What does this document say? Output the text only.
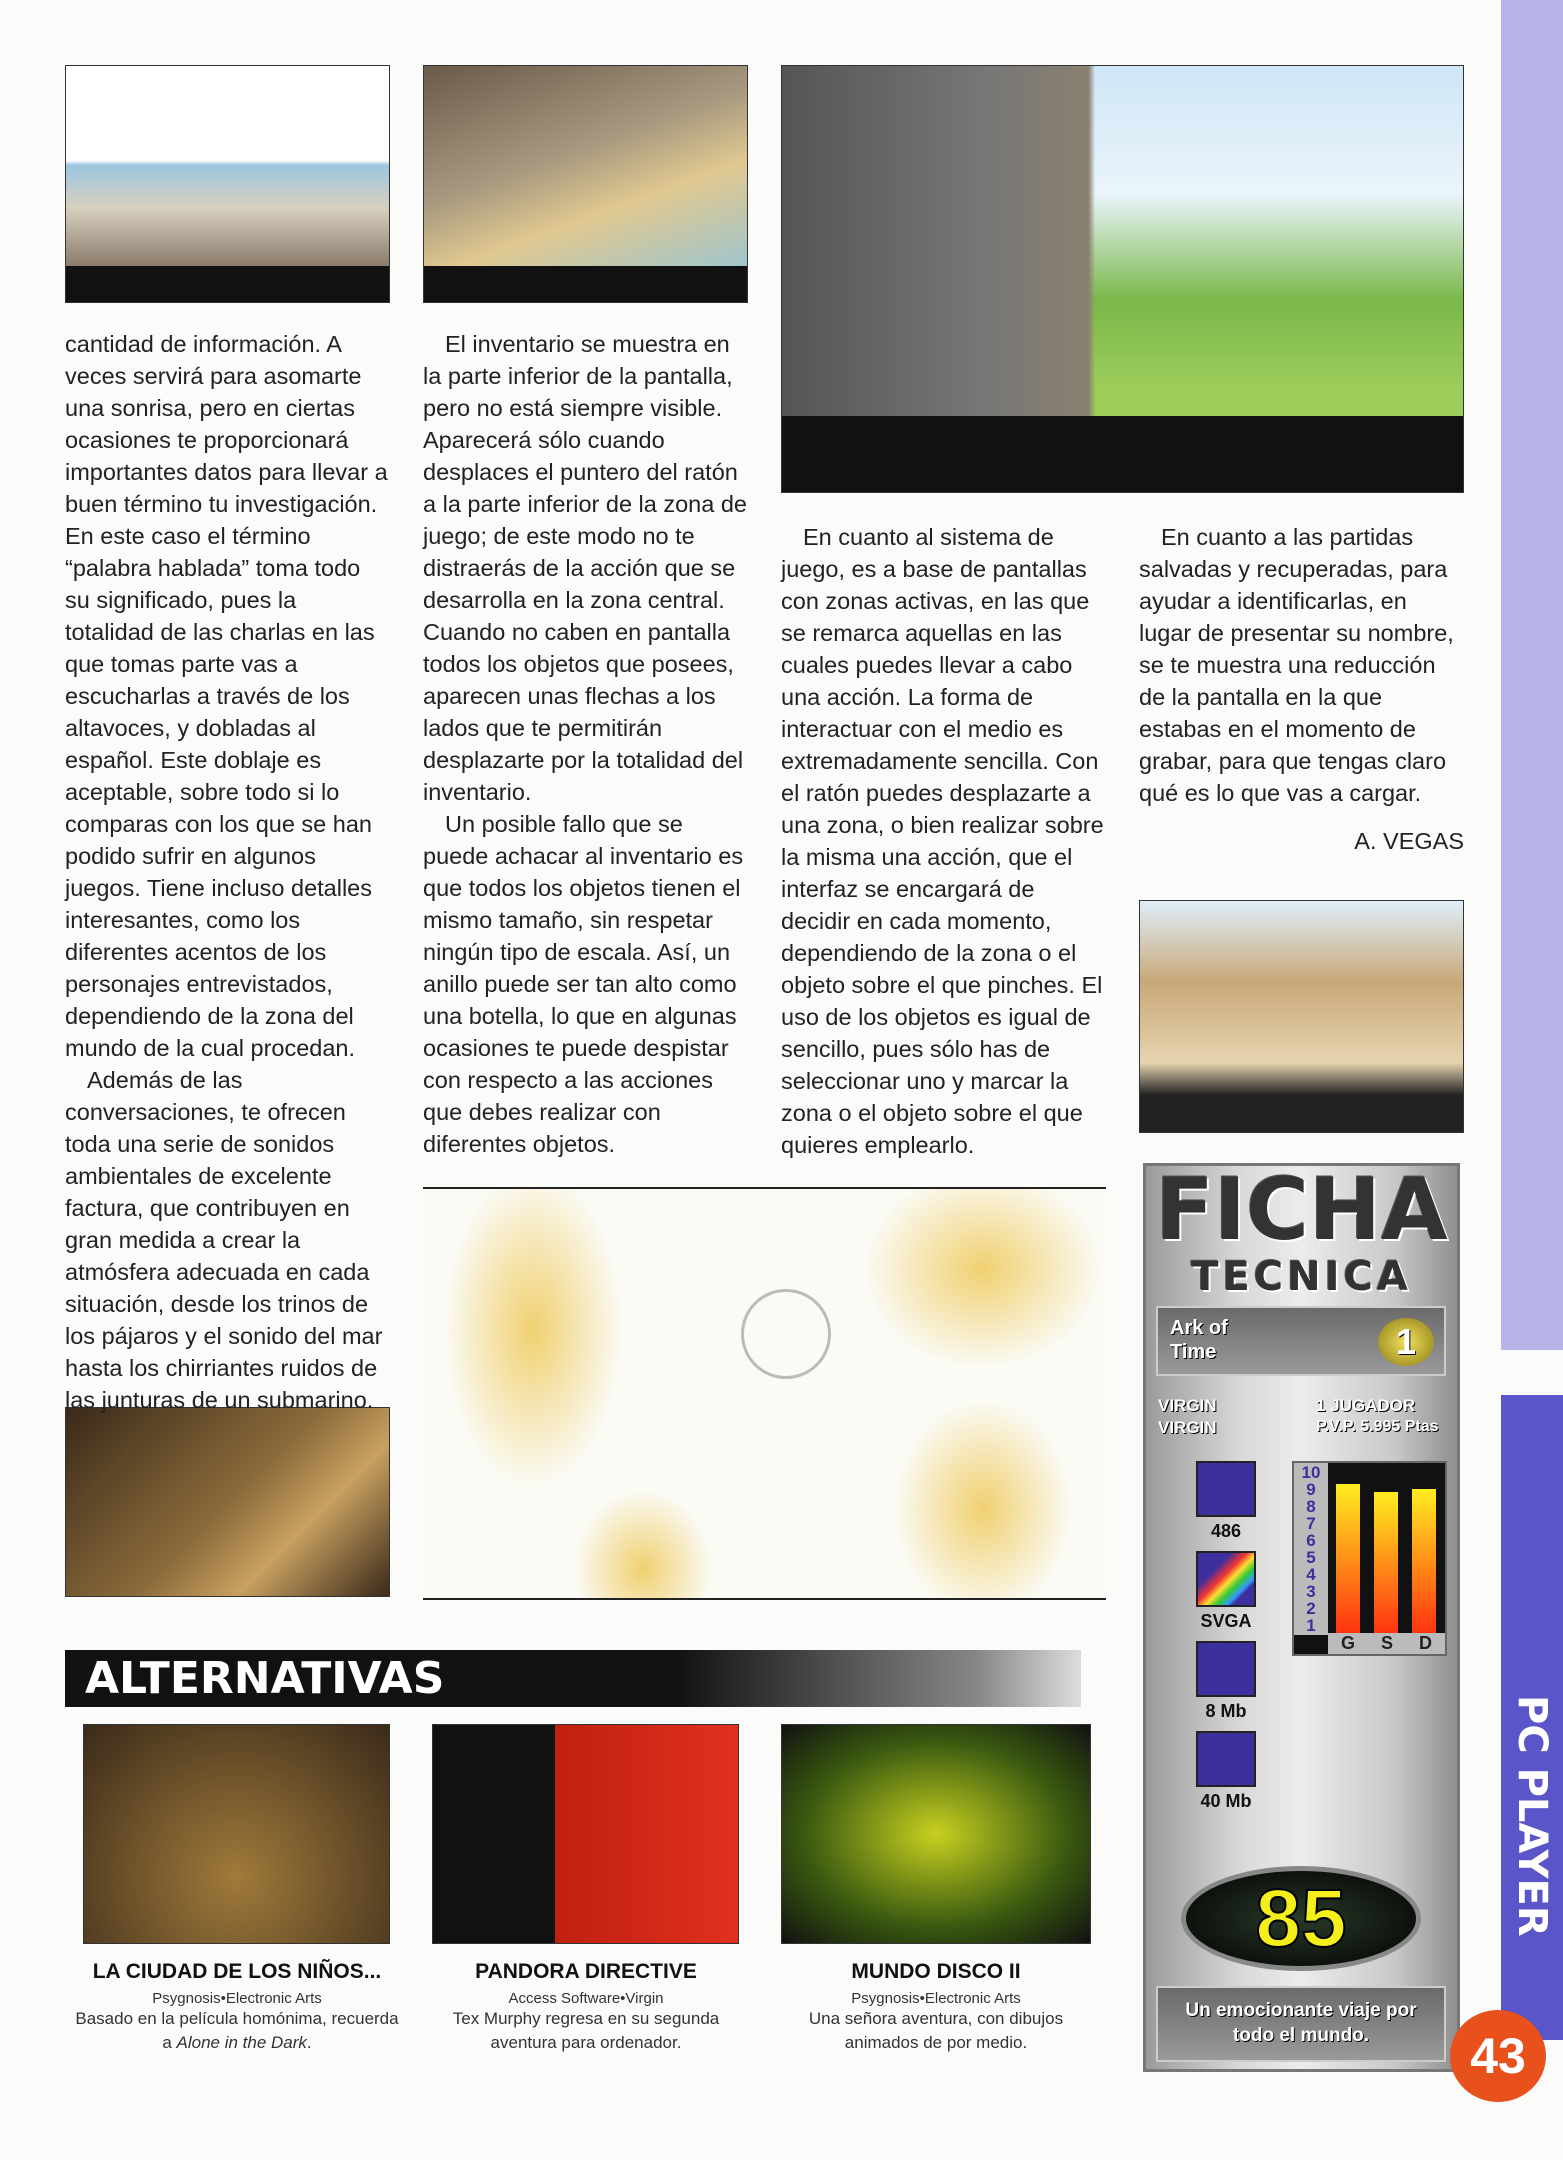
cantidad de información. A veces servirá para asomarte una sonrisa, pero en ciertas ocasiones te proporcionará importantes datos para llevar a buen término tu investigación. En este caso el término “palabra hablada” toma todo su significado, pues la totalidad de las charlas en las que tomas parte vas a escucharlas a través de los altavoces, y dobladas al español. Este doblaje es aceptable, sobre todo si lo comparas con los que se han podido sufrir en algunos juegos. Tiene incluso detalles interesantes, como los diferentes acentos de los personajes entrevistados, dependiendo de la zona del mundo de la cual procedan.

Además de las conversaciones, te ofrecen toda una serie de sonidos ambientales de excelente factura, que contribuyen en gran medida a crear la atmósfera adecuada en cada situación, desde los trinos de los pájaros y el sonido del mar hasta los chirriantes ruidos de las junturas de un submarino.

El inventario se muestra en la parte inferior de la pantalla, pero no está siempre visible. Aparecerá sólo cuando desplaces el puntero del ratón a la parte inferior de la zona de juego; de este modo no te distraerás de la acción que se desarrolla en la zona central. Cuando no caben en pantalla todos los objetos que posees, aparecen unas flechas a los lados que te permitirán desplazarte por la totalidad del inventario.

Un posible fallo que se puede achacar al inventario es que todos los objetos tienen el mismo tamaño, sin respetar ningún tipo de escala. Así, un anillo puede ser tan alto como una botella, lo que en algunas ocasiones te puede despistar con respecto a las acciones que debes realizar con diferentes objetos.

En cuanto al sistema de juego, es a base de pantallas con zonas activas, en las que se remarca aquellas en las cuales puedes llevar a cabo una acción. La forma de interactuar con el medio es extremadamente sencilla. Con el ratón puedes desplazarte a una zona, o bien realizar sobre la misma una acción, que el interfaz se encargará de decidir en cada momento, dependiendo de la zona o el objeto sobre el que pinches. El uso de los objetos es igual de sencillo, pues sólo has de seleccionar uno y marcar la zona o el objeto sobre el que quieres emplearlo.

En cuanto a las partidas salvadas y recuperadas, para ayudar a identificarlas, en lugar de presentar su nombre, se te muestra una reducción de la pantalla en la que estabas en el momento de grabar, para que tengas claro qué es lo que vas a cargar.

A. VEGAS

FICHA
TECNICA
Ark of Time	1
VIRGIN
VIRGIN
1 JUGADOR
P.V.P. 5.995 Ptas
486
SVGA
8 Mb
40 Mb
10
9
8
7
6
5
4
3
2
1
G S D
85
Un emocionante viaje por todo el mundo.
ALTERNATIVAS
LA CIUDAD DE LOS NIÑOS...
Psygnosis•Electronic Arts
Basado en la película homónima, recuerda a Alone in the Dark.
PANDORA DIRECTIVE
Access Software•Virgin
Tex Murphy regresa en su segunda aventura para ordenador.
MUNDO DISCO II
Psygnosis•Electronic Arts
Una señora aventura, con dibujos animados de por medio.
PC PLAYER
43
